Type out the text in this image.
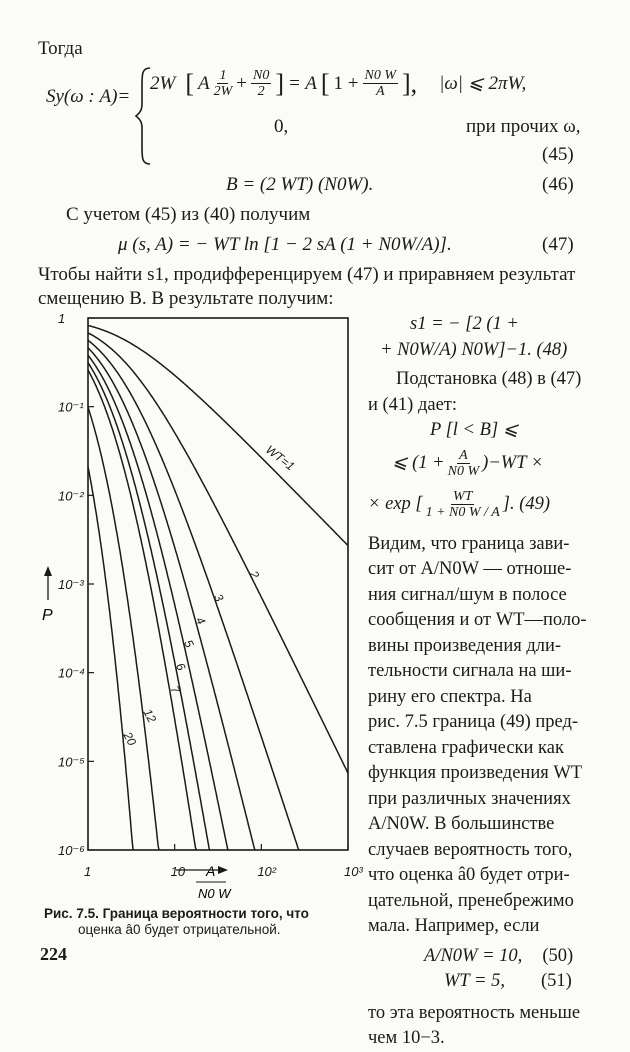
Тогда
Sy(ω : A)=
2W [ A $\frac{1}{2W} + \frac{N0}{2}$ ] = A [ $1 + \frac{N0 W}{A}$ ], |ω| ⩽ 2πW,
0,	при прочих ω,
(45)
B = (2 WT) (N0W).	(46)
С учетом (45) из (40) получим
μ (s, A) = − WT ln [1 − 2 sA (1 + N0W/A)].	(47)
Чтобы найти s1, продифференцируем (47) и приравняем результат
смещению B. В результате получим:
1
10⁻¹
10⁻²
10⁻³
10⁻⁴
10⁻⁵
10⁻⁶
1	10	10²	10³
WT=1
2
3
4
5
6
7
12
20
P
A
N0 W
Рис. 7.5. Граница вероятности того, что
оценка â0 будет отрицательной.
s1 = − [2 (1 +
+ N0W/A) N0W]−1. (48)
Подстановка (48) в (47)
и (41) дает:
P [l < B] ⩽
⩽ $(1 + \frac{A}{N0 W} )-WT$ ×
× exp [ $\frac{WT}{1 + N0 W / A}$ ]. (49)
Видим, что граница зави-
сит от A/N0W — отноше-
ния сигнал/шум в полосе
сообщения и от WT—поло-
вины произведения дли-
тельности сигнала на ши-
рину его спектра. На
рис. 7.5 граница (49) пред-
ставлена графически как
функция произведения WT
при различных значениях
A/N0W. В большинстве
случаев вероятность того,
что оценка â0 будет отри-
цательной, пренебрежимо
мала. Например, если
A/N0W = 10, (50)
WT = 5, (51)
то эта вероятность меньше
чем 10−3.
224
